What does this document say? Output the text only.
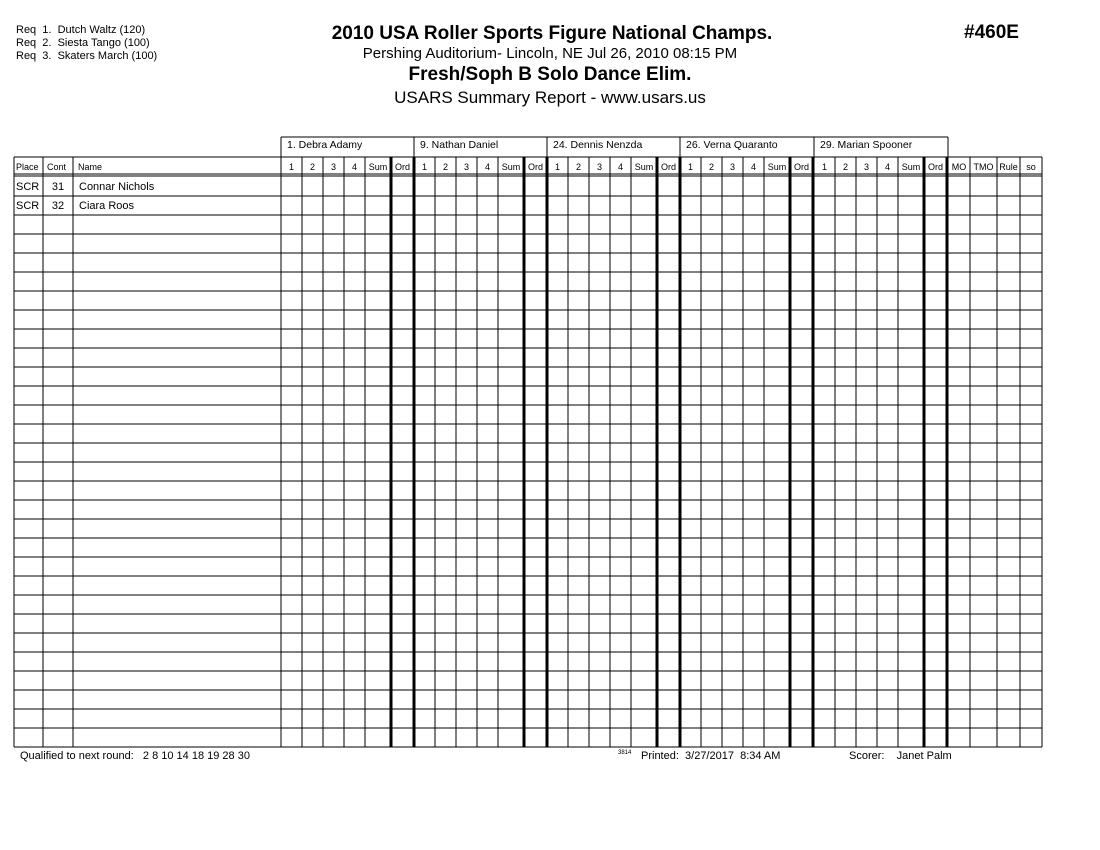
Req  1.  Dutch Waltz (120)
Req  2.  Siesta Tango (100)
Req  3.  Skaters March (100)
2010 USA Roller Sports Figure National Champs.
Pershing Auditorium- Lincoln, NE Jul 26, 2010 08:15 PM
Fresh/Soph B Solo Dance Elim.
USARS Summary Report - www.usars.us
#460E
1. Debra Adamy
1 2 3 4 Sum Ord
9. Nathan Daniel
1 2 3 4 Sum Ord
24. Dennis Nenzda
1 2 3 4 Sum Ord
26. Verna Quaranto
1 2 3 4 Sum Ord
29. Marian Spooner
1 2 3 4 Sum Ord MO TMO Rule so
Place Cont Name
SCR 31 Connar Nichols
SCR 32 Ciara Roos
Qualified to next round: 2 8 10 14 18 19 28 30	3814 Printed:  3/27/2017  8:34 AM	Scorer:    Janet Palm
